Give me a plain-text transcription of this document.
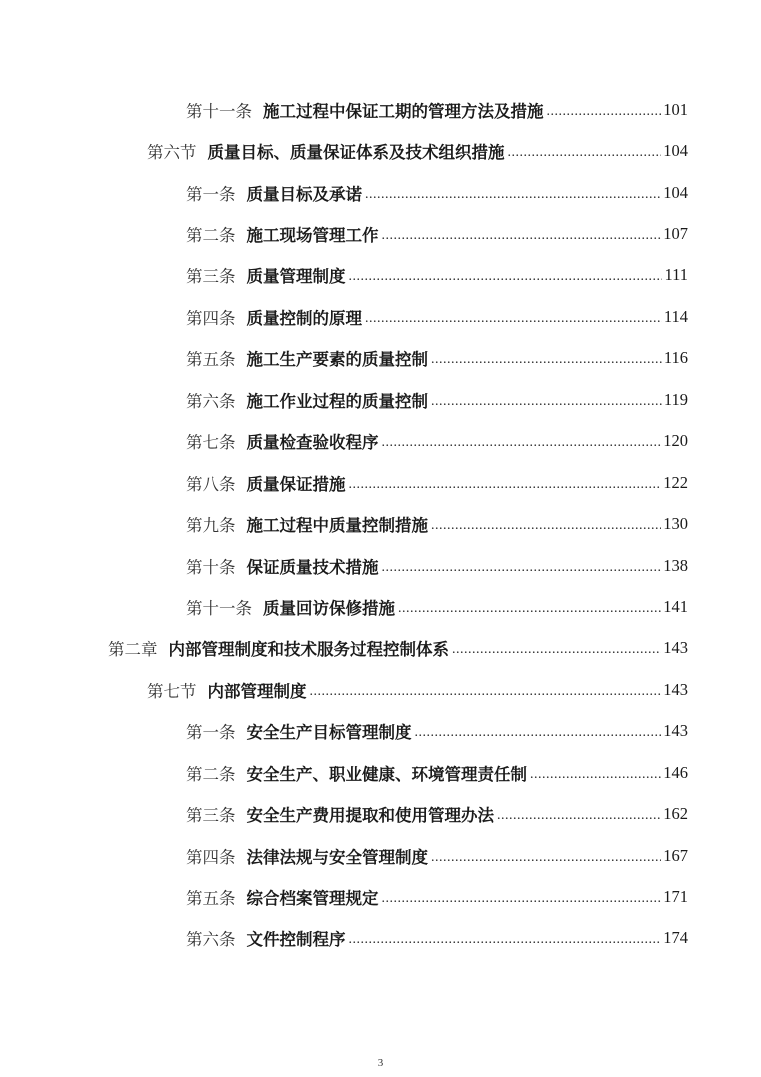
第十一条 施工过程中保证工期的管理方法及措施 .....	101
第六节 质量目标、质量保证体系及技术组织措施 .....	104
第一条 质量目标及承诺 .....	104
第二条 施工现场管理工作 .....	107
第三条 质量管理制度 .....	111
第四条 质量控制的原理 .....	114
第五条 施工生产要素的质量控制 .....	116
第六条 施工作业过程的质量控制 .....	119
第七条 质量检查验收程序 .....	120
第八条 质量保证措施 .....	122
第九条 施工过程中质量控制措施 .....	130
第十条 保证质量技术措施 .....	138
第十一条 质量回访保修措施 .....	141
第二章 内部管理制度和技术服务过程控制体系 .....	143
第七节 内部管理制度 .....	143
第一条 安全生产目标管理制度 .....	143
第二条 安全生产、职业健康、环境管理责任制 .....	146
第三条 安全生产费用提取和使用管理办法 .....	162
第四条 法律法规与安全管理制度 .....	167
第五条 综合档案管理规定 .....	171
第六条 文件控制程序 .....	174
3
